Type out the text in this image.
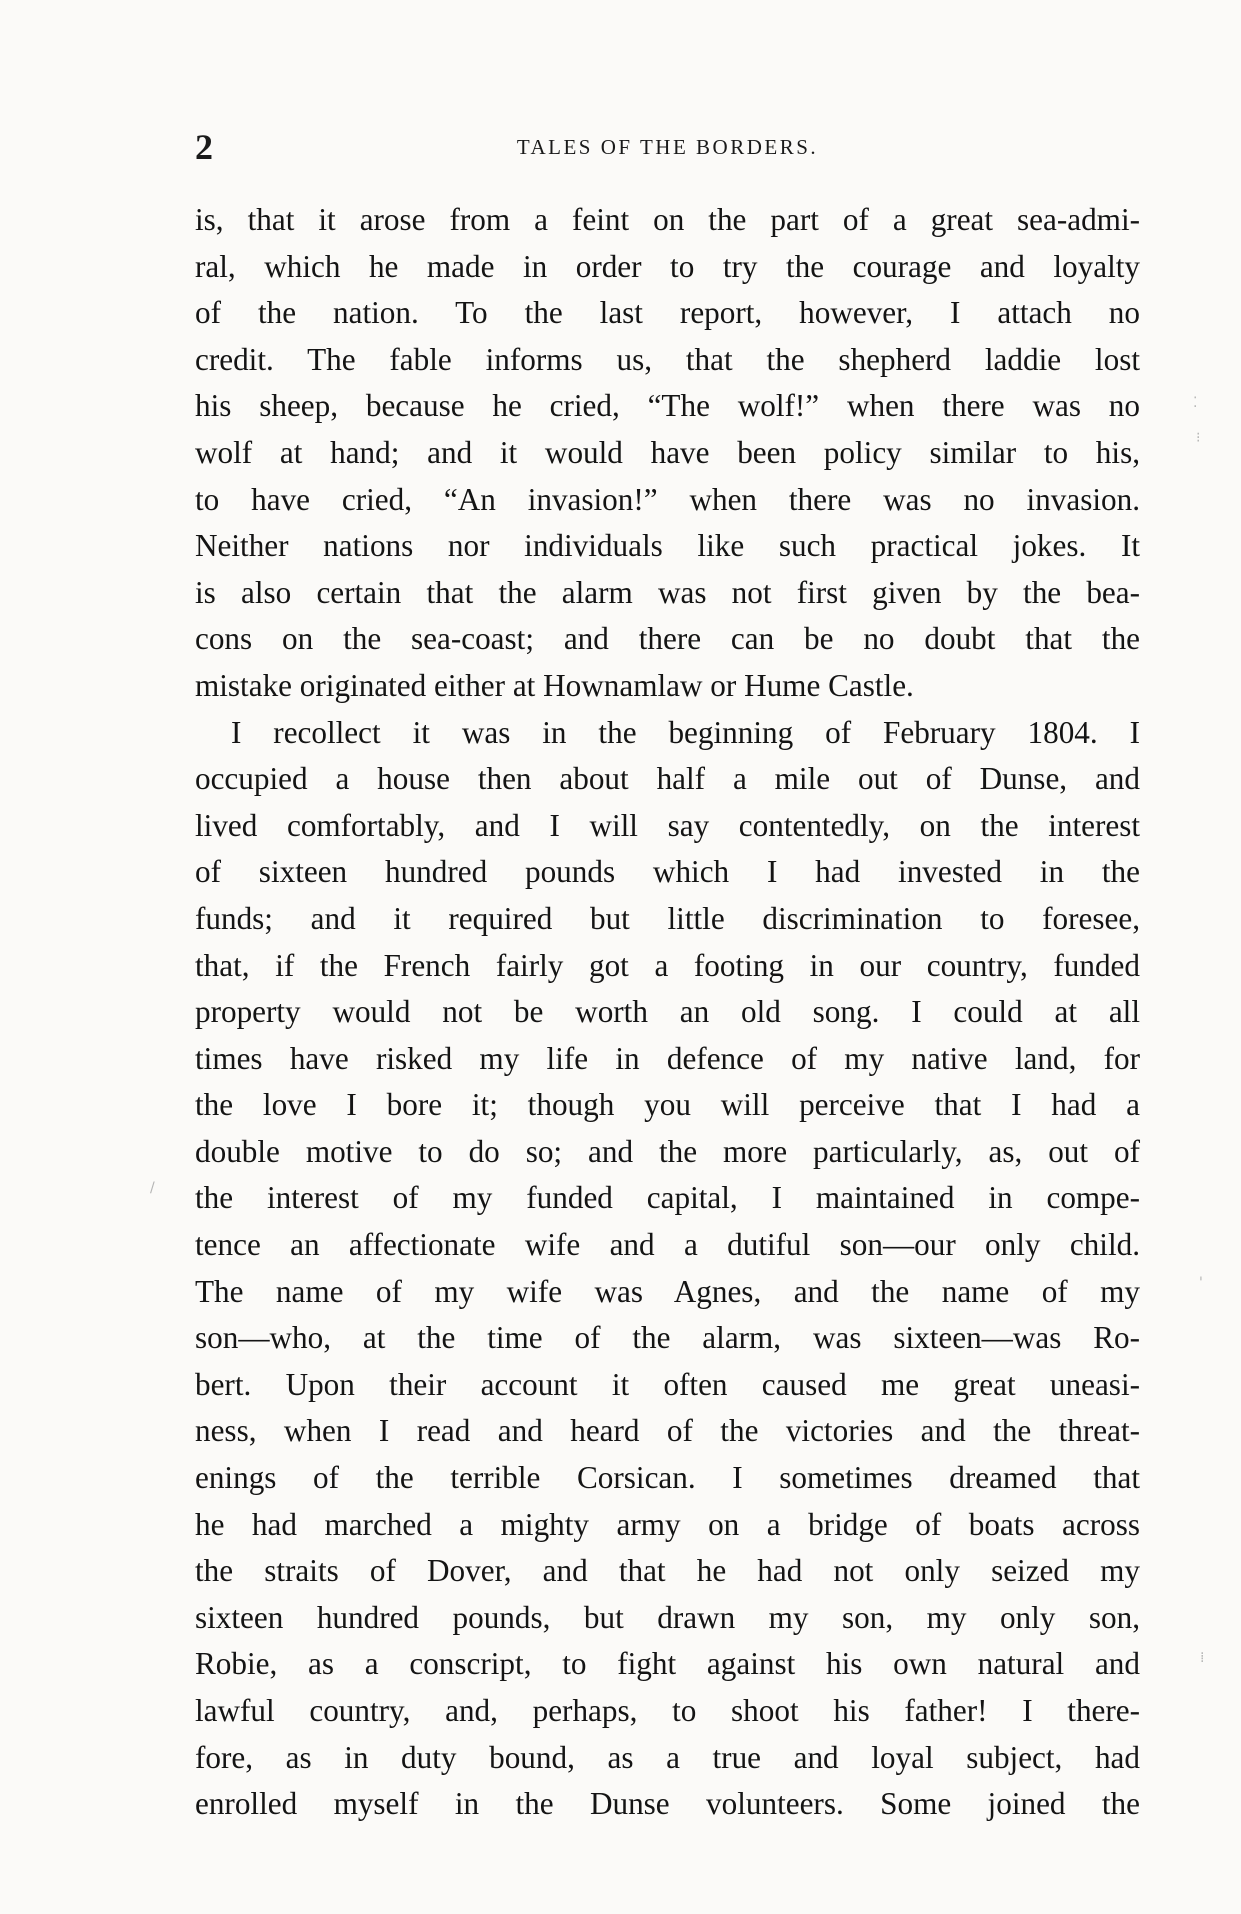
2	TALES OF THE BORDERS.

is, that it arose from a feint on the part of a great sea-admi-
ral, which he made in order to try the courage and loyalty
of the nation. To the last report, however, I attach no
credit. The fable informs us, that the shepherd laddie lost
his sheep, because he cried, “The wolf!” when there was no
wolf at hand; and it would have been policy similar to his,
to have cried, “An invasion!” when there was no invasion.
Neither nations nor individuals like such practical jokes. It
is also certain that the alarm was not first given by the bea-
cons on the sea-coast; and there can be no doubt that the
mistake originated either at Hownamlaw or Hume Castle.

I recollect it was in the beginning of February 1804. I
occupied a house then about half a mile out of Dunse, and
lived comfortably, and I will say contentedly, on the interest
of sixteen hundred pounds which I had invested in the
funds; and it required but little discrimination to foresee,
that, if the French fairly got a footing in our country, funded
property would not be worth an old song. I could at all
times have risked my life in defence of my native land, for
the love I bore it; though you will perceive that I had a
double motive to do so; and the more particularly, as, out of
the interest of my funded capital, I maintained in compe-
tence an affectionate wife and a dutiful son—our only child.
The name of my wife was Agnes, and the name of my
son—who, at the time of the alarm, was sixteen—was Ro-
bert. Upon their account it often caused me great uneasi-
ness, when I read and heard of the victories and the threat-
enings of the terrible Corsican. I sometimes dreamed that
he had marched a mighty army on a bridge of boats across
the straits of Dover, and that he had not only seized my
sixteen hundred pounds, but drawn my son, my only son,
Robie, as a conscript, to fight against his own natural and
lawful country, and, perhaps, to shoot his father! I there-
fore, as in duty bound, as a true and loyal subject, had
enrolled myself in the Dunse volunteers. Some joined the

⁚
⁝
'
⁞
/
